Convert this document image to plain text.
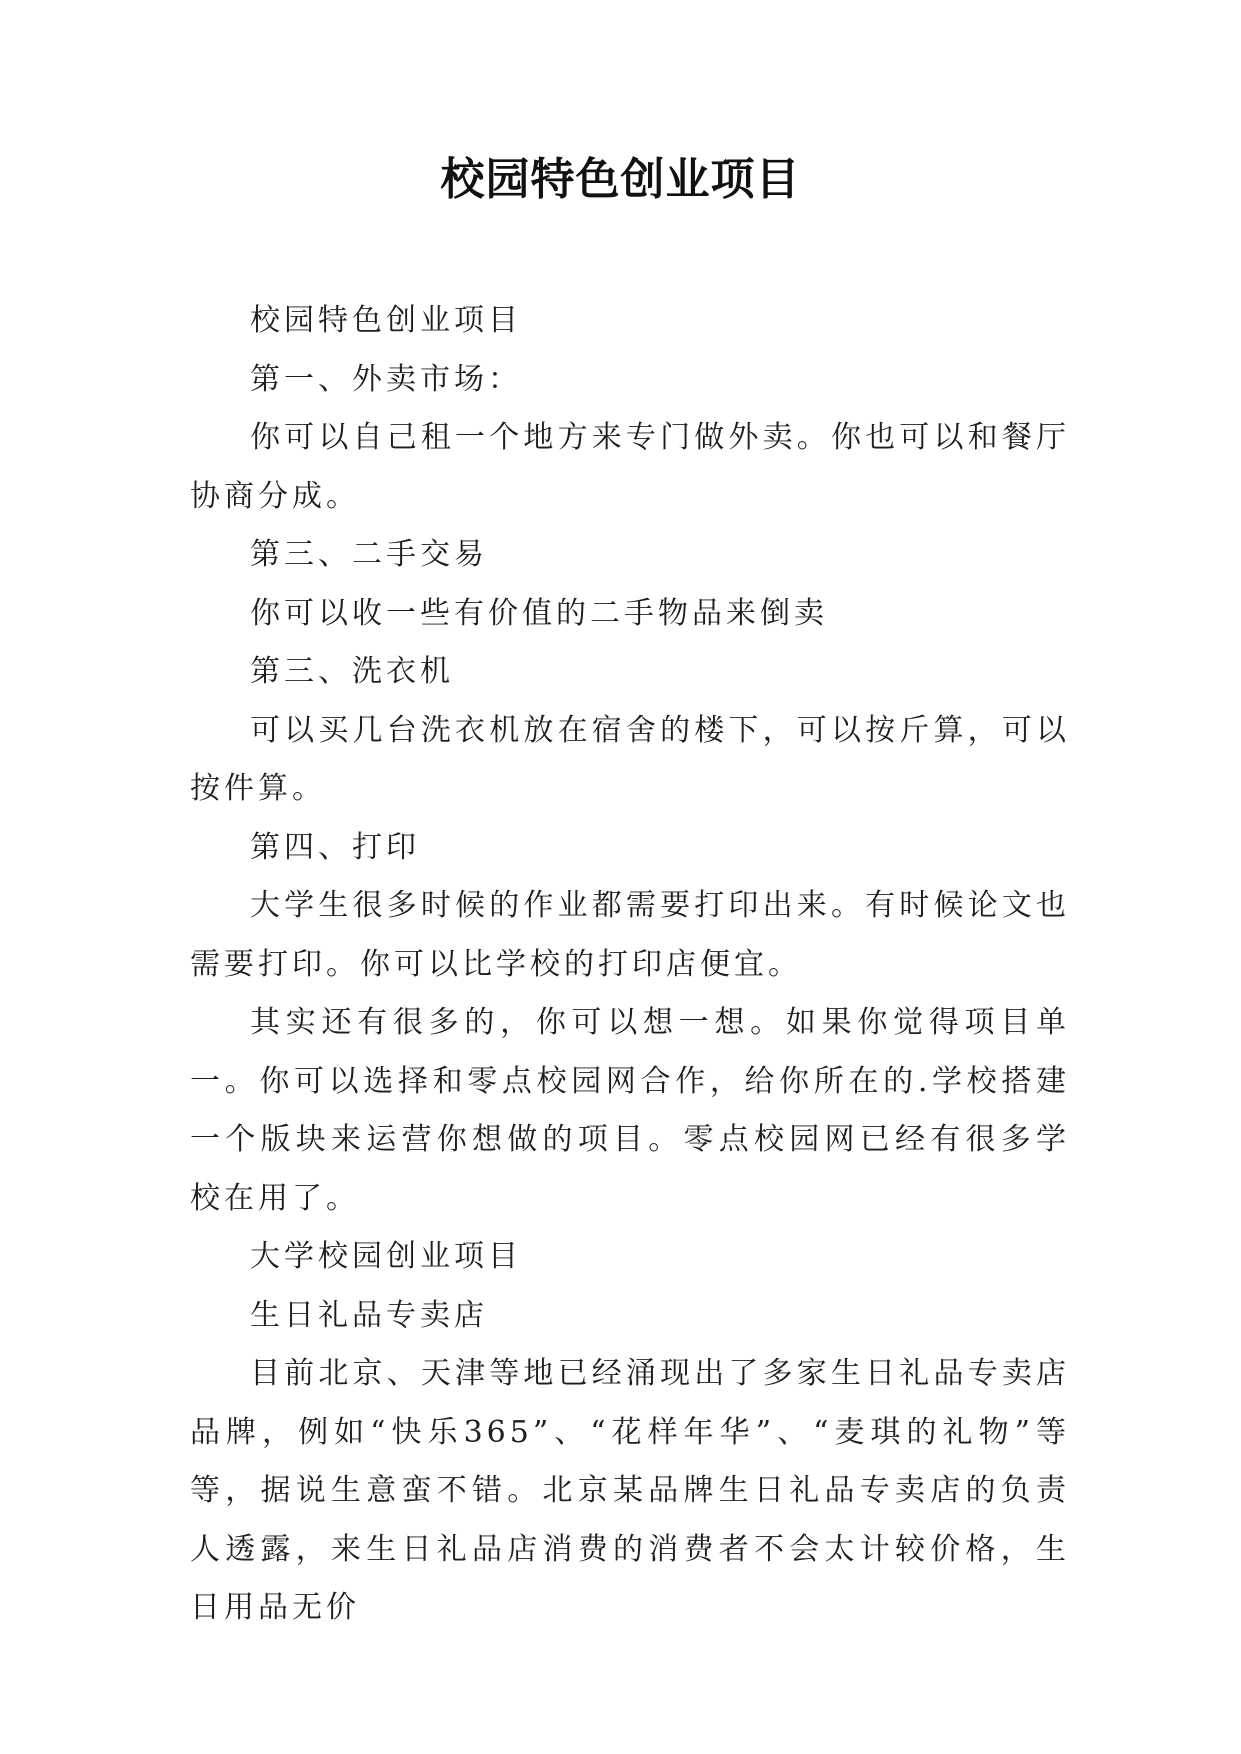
校园特色创业项目

校园特色创业项目

第一、外卖市场：

你可以自己租一个地方来专门做外卖。你也可以和餐厅协商分成。

第三、二手交易

你可以收一些有价值的二手物品来倒卖

第三、洗衣机

可以买几台洗衣机放在宿舍的楼下，可以按斤算，可以按件算。

第四、打印

大学生很多时候的作业都需要打印出来。有时候论文也需要打印。你可以比学校的打印店便宜。

其实还有很多的，你可以想一想。如果你觉得项目单一。你可以选择和零点校园网合作，给你所在的.学校搭建一个版块来运营你想做的项目。零点校园网已经有很多学校在用了。

大学校园创业项目

生日礼品专卖店

目前北京、天津等地已经涌现出了多家生日礼品专卖店品牌，例如“快乐365”、“花样年华”、“麦琪的礼物”等等，据说生意蛮不错。北京某品牌生日礼品专卖店的负责人透露，来生日礼品店消费的消费者不会太计较价格，生日用品无价
